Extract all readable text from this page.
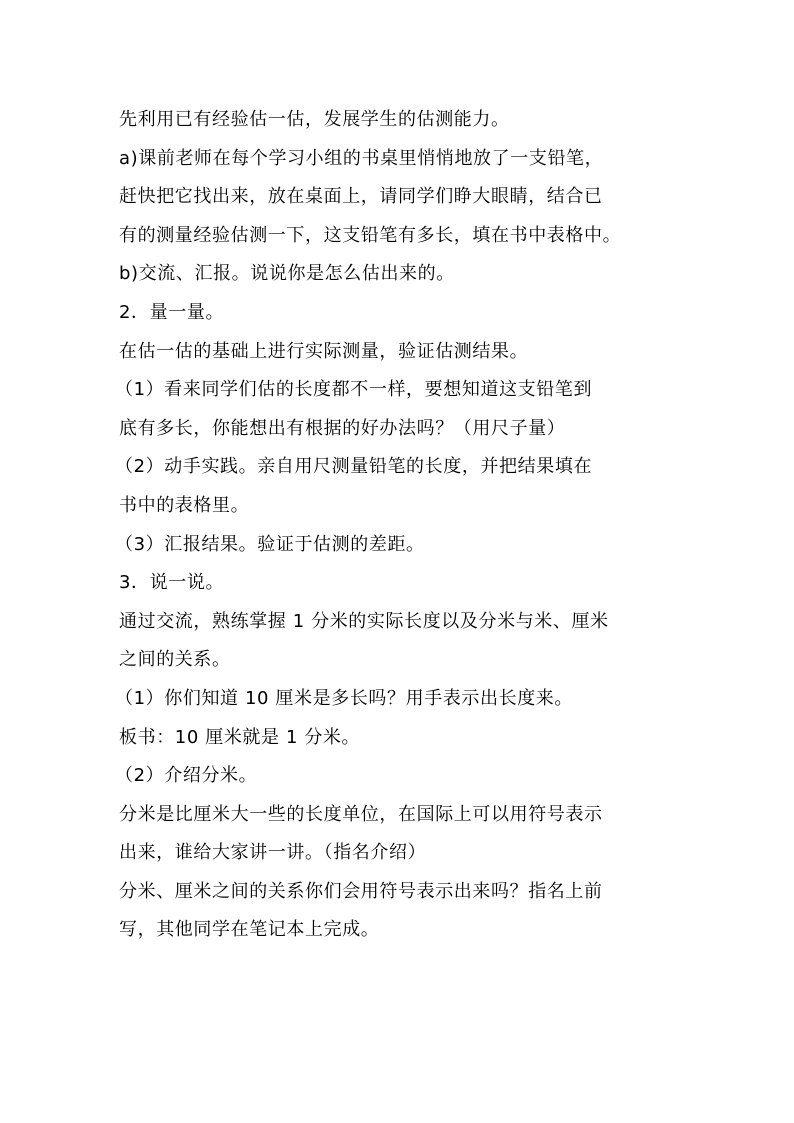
先利用已有经验估一估，发展学生的估测能力。
a)课前老师在每个学习小组的书桌里悄悄地放了一支铅笔，
赶快把它找出来，放在桌面上，请同学们睁大眼睛，结合已
有的测量经验估测一下，这支铅笔有多长，填在书中表格中。
b)交流、汇报。说说你是怎么估出来的。
2．量一量。
在估一估的基础上进行实际测量，验证估测结果。
（1）看来同学们估的长度都不一样，要想知道这支铅笔到
底有多长，你能想出有根据的好办法吗？（用尺子量）
（2）动手实践。亲自用尺测量铅笔的长度，并把结果填在
书中的表格里。
（3）汇报结果。验证于估测的差距。
3．说一说。
通过交流，熟练掌握 1 分米的实际长度以及分米与米、厘米
之间的关系。
（1）你们知道 10 厘米是多长吗？用手表示出长度来。
板书：10 厘米就是 1 分米。
（2）介绍分米。
分米是比厘米大一些的长度单位，在国际上可以用符号表示
出来，谁给大家讲一讲。（指名介绍）
分米、厘米之间的关系你们会用符号表示出来吗？指名上前
写，其他同学在笔记本上完成。
